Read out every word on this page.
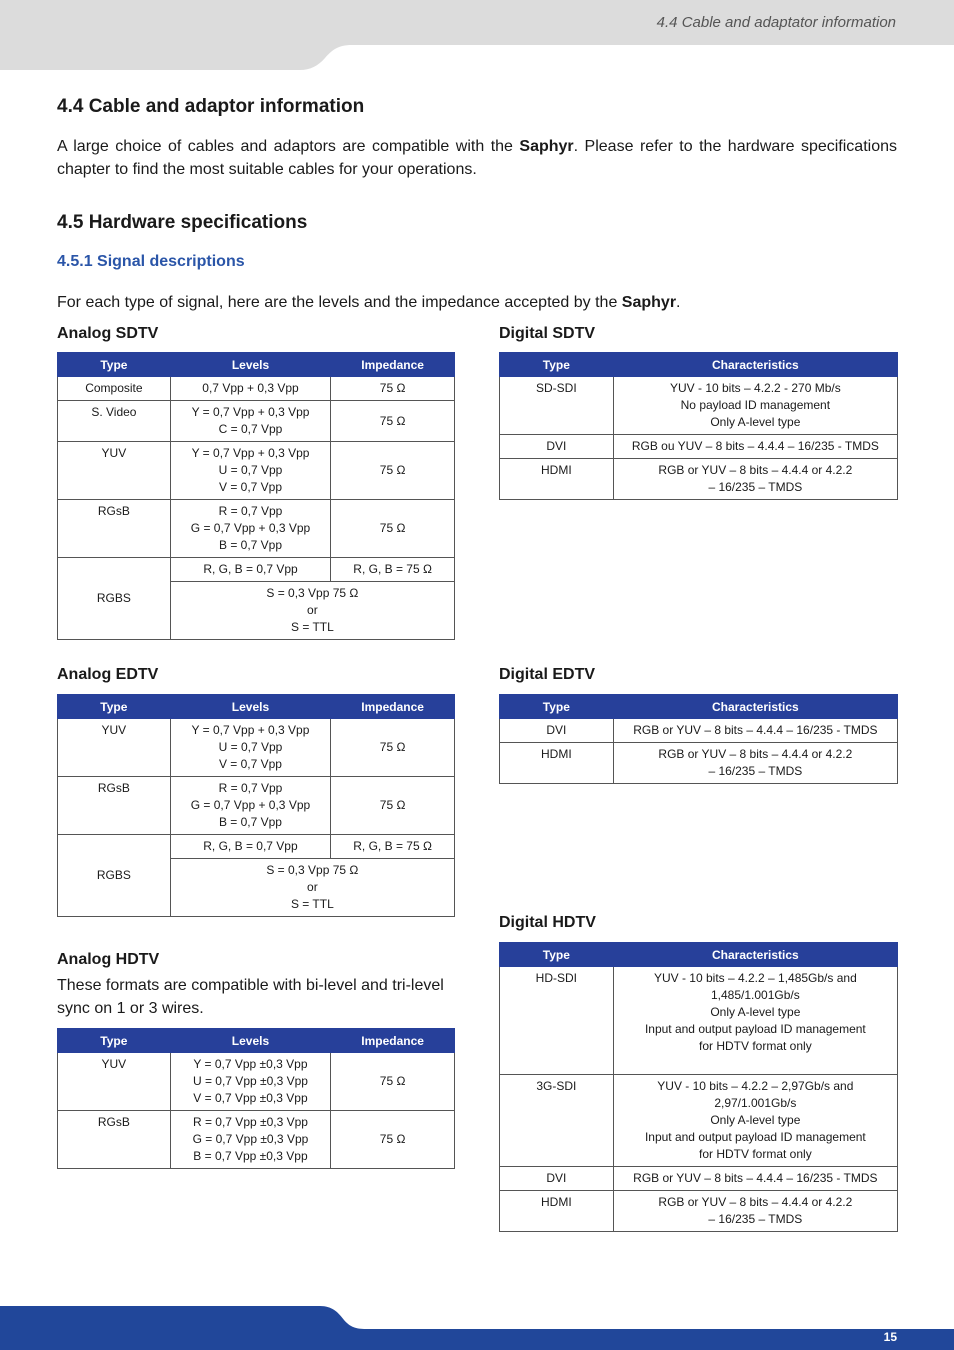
4.4 Cable and adaptator information
4.4 Cable and adaptor information

A large choice of cables and adaptors are compatible with the Saphyr. Please refer to the hardware specifications chapter to find the most suitable cables for your operations.

4.5 Hardware specifications
4.5.1 Signal descriptions

For each type of signal, here are the levels and the impedance accepted by the Saphyr.

Analog SDTV
Type	Levels	Impedance
Composite	0,7 Vpp + 0,3 Vpp	75 Ω
S. Video	Y = 0,7 Vpp + 0,3 Vpp
C = 0,7 Vpp	75 Ω
YUV	Y = 0,7 Vpp + 0,3 Vpp
U = 0,7 Vpp
V = 0,7 Vpp	75 Ω
RGsB	R = 0,7 Vpp
G = 0,7 Vpp + 0,3 Vpp
B = 0,7 Vpp	75 Ω
RGBS	R, G, B = 0,7 Vpp	R, G, B = 75 Ω

	S = 0,3 Vpp 75 Ω
or
S = TTL	
Digital SDTV
Type	Characteristics
SD-SDI	YUV - 10 bits – 4.2.2 - 270 Mb/s
No payload ID management
Only A-level type

DVI	RGB ou YUV – 8 bits – 4.4.4 – 16/235 - TMDS
HDMI	RGB or YUV – 8 bits – 4.4.4 or 4.2.2
– 16/235 – TMDS
Analog EDTV
Type	Levels	Impedance
YUV	Y = 0,7 Vpp + 0,3 Vpp
U = 0,7 Vpp
V = 0,7 Vpp	75 Ω
RGsB	R = 0,7 Vpp
G = 0,7 Vpp + 0,3 Vpp
B = 0,7 Vpp	75 Ω
RGBS	R, G, B = 0,7 Vpp	R, G, B = 75 Ω

	S = 0,3 Vpp 75 Ω
or
S = TTL	
Digital EDTV
Type	Characteristics
DVI	RGB or YUV – 8 bits – 4.4.4 – 16/235 - TMDS
HDMI	RGB or YUV – 8 bits – 4.4.4 or 4.2.2
– 16/235 – TMDS
Analog HDTV

These formats are compatible with bi-level and tri-level sync on 1 or 3 wires.

Type	Levels	Impedance
YUV	Y = 0,7 Vpp ±0,3 Vpp
U = 0,7 Vpp ±0,3 Vpp
V = 0,7 Vpp ±0,3 Vpp	75 Ω
RGsB	R = 0,7 Vpp ±0,3 Vpp
G = 0,7 Vpp ±0,3 Vpp
B = 0,7 Vpp ±0,3 Vpp	75 Ω
Digital HDTV
Type	Characteristics
HD-SDI	YUV - 10 bits – 4.2.2 – 1,485Gb/s and
1,485/1.001Gb/s
Only A-level type
Input and output payload ID management
for HDTV format only

3G-SDI	YUV - 10 bits – 4.2.2 – 2,97Gb/s and
2,97/1.001Gb/s
Only A-level type
Input and output payload ID management
for HDTV format only

DVI	RGB or YUV – 8 bits – 4.4.4 – 16/235 - TMDS
HDMI	RGB or YUV – 8 bits – 4.4.4 or 4.2.2
– 16/235 – TMDS
15
